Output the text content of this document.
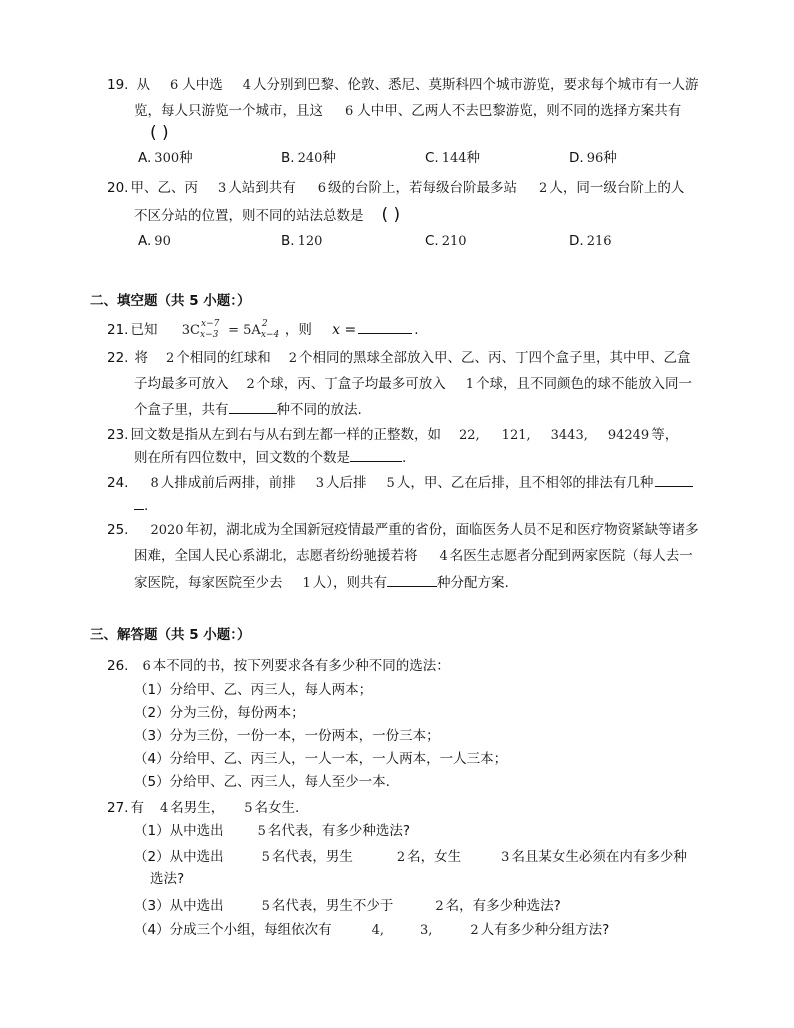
19. 从 6 人中选 4 人分别到巴黎、伦敦、悉尼、莫斯科四个城市游览，要求每个城市有一人游
览，每人只游览一个城市，且这 6 人中甲、乙两人不去巴黎游览，则不同的选择方案共有
( )
A. 300种	B. 240种	C. 144种	D. 96种
20. 甲、乙、丙 3 人站到共有 6 级的台阶上，若每级台阶最多站 2 人，同一级台阶上的人
不区分站的位置，则不同的站法总数是 ( )
A. 90	B. 120	C. 210	D. 216
二、填空题（共 5 小题：）
21. 已知 3C x−7
x−3 = 5A 2
x−4 ，则 x =	.
22. 将 2 个相同的红球和 2 个相同的黑球全部放入甲、乙、丙、丁四个盒子里，其中甲、乙盒
子均最多可放入 2 个球，丙、丁盒子均最多可放入 1 个球，且不同颜色的球不能放入同一
个盒子里，共有	种不同的放法.
23. 回文数是指从左到右与从右到左都一样的正整数，如 22, 121, 3443, 94249 等，
则在所有四位数中，回文数的个数是	.
24. 8 人排成前后两排，前排 3 人后排 5 人，甲、乙在后排，且不相邻的排法有几种
.
25. 2020 年初，湖北成为全国新冠疫情最严重的省份，面临医务人员不足和医疗物资紧缺等诸多
困难，全国人民心系湖北，志愿者纷纷驰援若将 4 名医生志愿者分配到两家医院（每人去一
家医院，每家医院至少去 1 人），则共有	种分配方案.
三、解答题（共 5 小题：）
26. 6 本不同的书，按下列要求各有多少种不同的选法：
（1）分给甲、乙、丙三人，每人两本；
（2）分为三份，每份两本；
（3）分为三份，一份一本，一份两本，一份三本；
（4）分给甲、乙、丙三人，一人一本，一人两本，一人三本；
（5）分给甲、乙、丙三人，每人至少一本.
27. 有 4 名男生， 5 名女生.
（1）从中选出	5 名代表，有多少种选法?
（2）从中选出	5 名代表，男生	2 名，女生	3 名且某女生必须在内有多少种
选法?
（3）从中选出	5 名代表，男生不少于	2 名，有多少种选法?
（4）分成三个小组，每组依次有	4,	3,	2 人有多少种分组方法?
